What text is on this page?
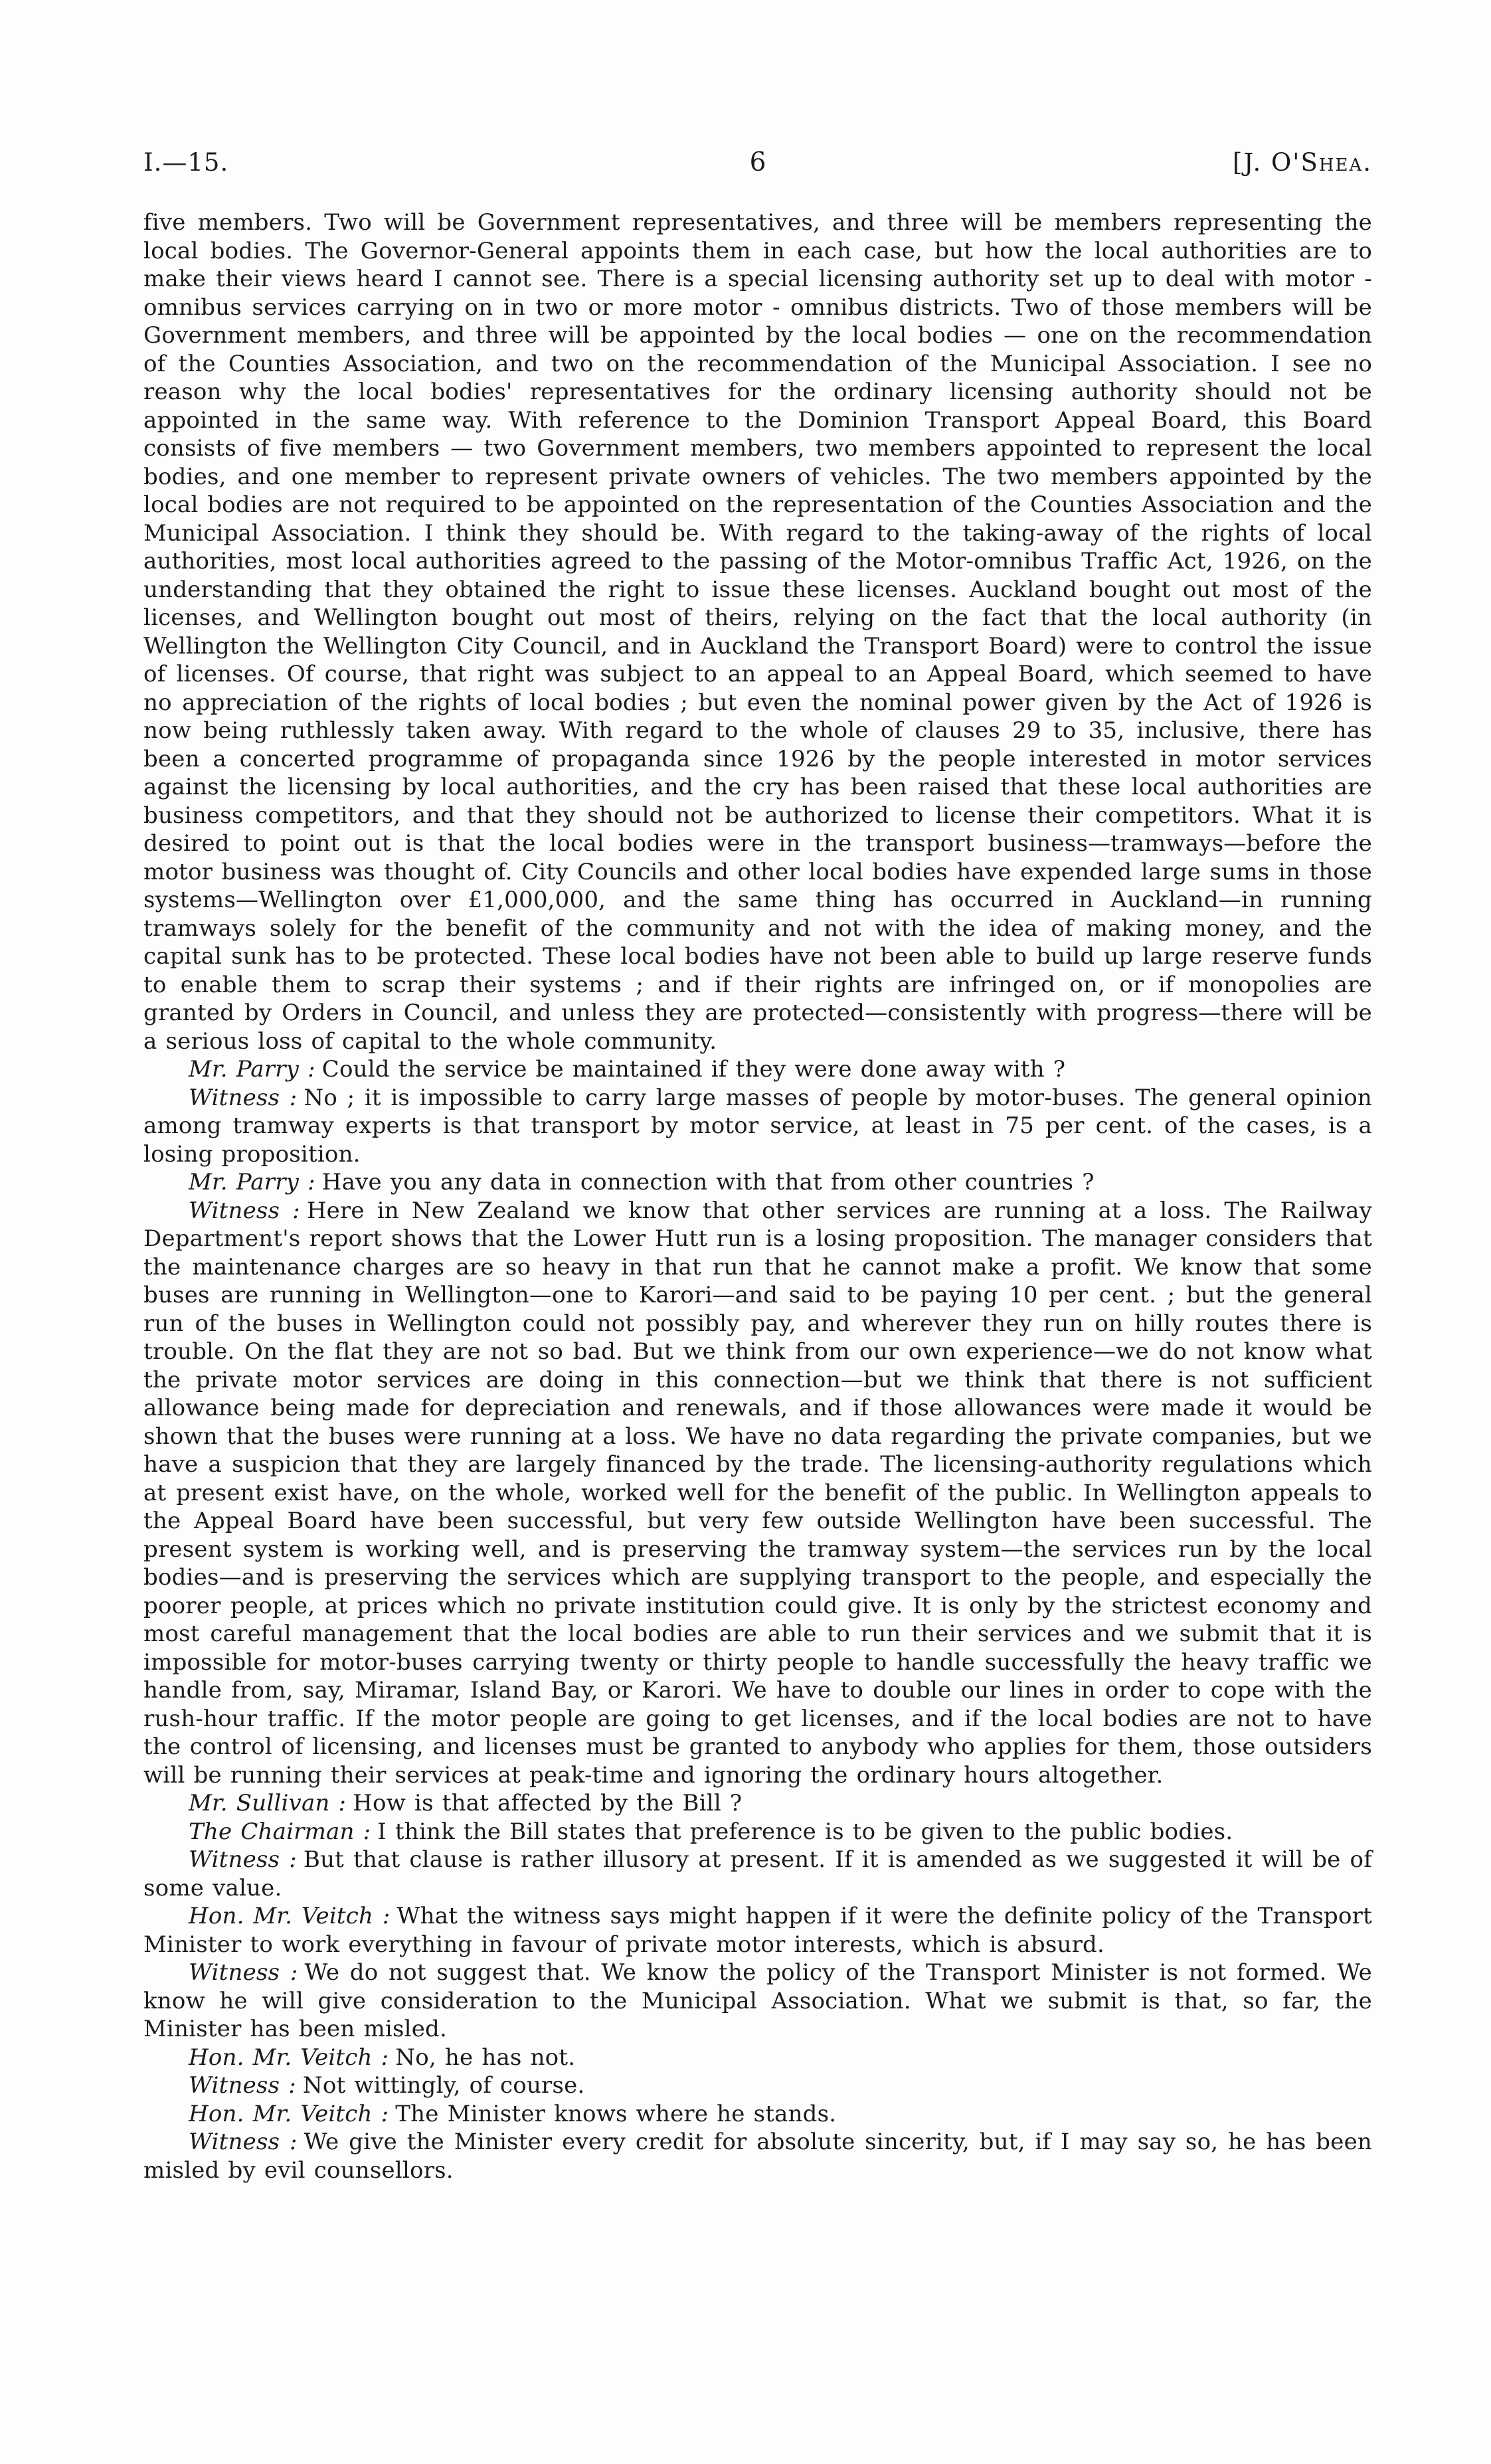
I.—15.	6	[J. O'Shea.

five members. Two will be Government representatives, and three will be members representing the local bodies. The Governor-General appoints them in each case, but how the local authorities are to make their views heard I cannot see. There is a special licensing authority set up to deal with motor - omnibus services carrying on in two or more motor - omnibus districts. Two of those members will be Government members, and three will be appointed by the local bodies — one on the recommendation of the Counties Association, and two on the recommendation of the Municipal Association. I see no reason why the local bodies' representatives for the ordinary licensing authority should not be appointed in the same way. With reference to the Dominion Transport Appeal Board, this Board consists of five members — two Government members, two members appointed to represent the local bodies, and one member to represent private owners of vehicles. The two members appointed by the local bodies are not required to be appointed on the representation of the Counties Association and the Municipal Association. I think they should be. With regard to the taking-away of the rights of local authorities, most local authorities agreed to the passing of the Motor-omnibus Traffic Act, 1926, on the understanding that they obtained the right to issue these licenses. Auckland bought out most of the licenses, and Wellington bought out most of theirs, relying on the fact that the local authority (in Wellington the Wellington City Council, and in Auckland the Transport Board) were to control the issue of licenses. Of course, that right was subject to an appeal to an Appeal Board, which seemed to have no appreciation of the rights of local bodies ; but even the nominal power given by the Act of 1926 is now being ruthlessly taken away. With regard to the whole of clauses 29 to 35, inclusive, there has been a concerted programme of propaganda since 1926 by the people interested in motor services against the licensing by local authorities, and the cry has been raised that these local authorities are business competitors, and that they should not be authorized to license their competitors. What it is desired to point out is that the local bodies were in the transport business—tramways—before the motor business was thought of. City Councils and other local bodies have expended large sums in those systems—Wellington over £1,000,000, and the same thing has occurred in Auckland—in running tramways solely for the benefit of the community and not with the idea of making money, and the capital sunk has to be protected. These local bodies have not been able to build up large reserve funds to enable them to scrap their systems ; and if their rights are infringed on, or if monopolies are granted by Orders in Council, and unless they are protected—consistently with progress—there will be a serious loss of capital to the whole community.

Mr. Parry : Could the service be maintained if they were done away with ?

Witness : No ; it is impossible to carry large masses of people by motor-buses. The general opinion among tramway experts is that transport by motor service, at least in 75 per cent. of the cases, is a losing proposition.

Mr. Parry : Have you any data in connection with that from other countries ?

Witness : Here in New Zealand we know that other services are running at a loss. The Railway Department's report shows that the Lower Hutt run is a losing proposition. The manager considers that the maintenance charges are so heavy in that run that he cannot make a profit. We know that some buses are running in Wellington—one to Karori—and said to be paying 10 per cent. ; but the general run of the buses in Wellington could not possibly pay, and wherever they run on hilly routes there is trouble. On the flat they are not so bad. But we think from our own experience—we do not know what the private motor services are doing in this connection—but we think that there is not sufficient allowance being made for depreciation and renewals, and if those allowances were made it would be shown that the buses were running at a loss. We have no data regarding the private companies, but we have a suspicion that they are largely financed by the trade. The licensing-authority regulations which at present exist have, on the whole, worked well for the benefit of the public. In Wellington appeals to the Appeal Board have been successful, but very few outside Wellington have been successful. The present system is working well, and is preserving the tramway system—the services run by the local bodies—and is preserving the services which are supplying transport to the people, and especially the poorer people, at prices which no private institution could give. It is only by the strictest economy and most careful management that the local bodies are able to run their services and we submit that it is impossible for motor-buses carrying twenty or thirty people to handle successfully the heavy traffic we handle from, say, Miramar, Island Bay, or Karori. We have to double our lines in order to cope with the rush-hour traffic. If the motor people are going to get licenses, and if the local bodies are not to have the control of licensing, and licenses must be granted to anybody who applies for them, those outsiders will be running their services at peak-time and ignoring the ordinary hours altogether.

Mr. Sullivan : How is that affected by the Bill ?

The Chairman : I think the Bill states that preference is to be given to the public bodies.

Witness : But that clause is rather illusory at present. If it is amended as we suggested it will be of some value.

Hon. Mr. Veitch : What the witness says might happen if it were the definite policy of the Transport Minister to work everything in favour of private motor interests, which is absurd.

Witness : We do not suggest that. We know the policy of the Transport Minister is not formed. We know he will give consideration to the Municipal Association. What we submit is that, so far, the Minister has been misled.

Hon. Mr. Veitch : No, he has not.

Witness : Not wittingly, of course.

Hon. Mr. Veitch : The Minister knows where he stands.

Witness : We give the Minister every credit for absolute sincerity, but, if I may say so, he has been misled by evil counsellors.
